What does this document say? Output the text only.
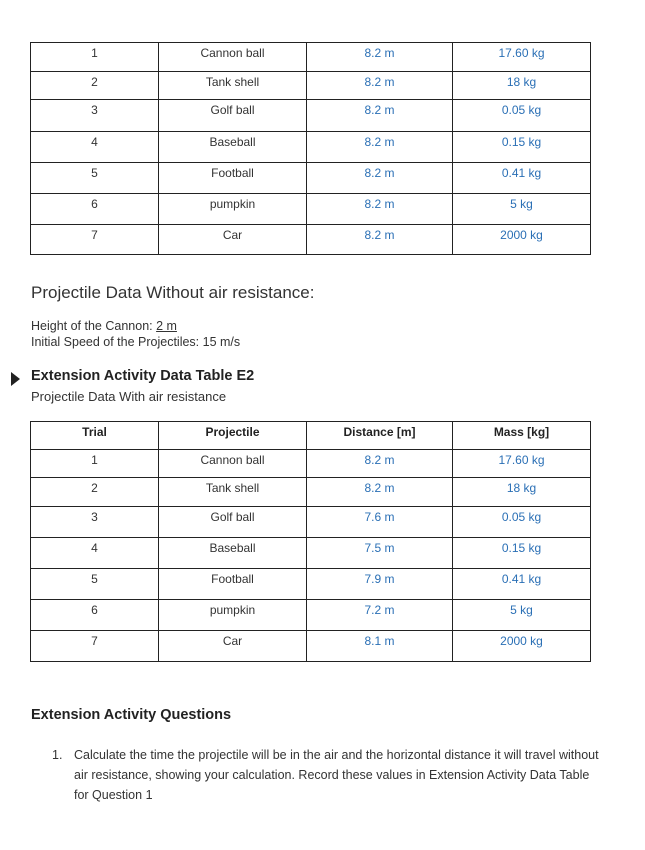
1	Cannon ball	8.2 m	17.60 kg
2	Tank shell	8.2 m	18 kg
3	Golf ball	8.2 m	0.05 kg
4	Baseball	8.2 m	0.15 kg
5	Football	8.2 m	0.41 kg
6	pumpkin	8.2 m	5 kg
7	Car	8.2 m	2000 kg
Projectile Data Without air resistance:
Height of the Cannon: 2 m
Initial Speed of the Projectiles: 15 m/s
Extension Activity Data Table E2
Projectile Data With air resistance
Trial	Projectile	Distance [m]	Mass [kg]
1	Cannon ball	8.2 m	17.60 kg
2	Tank shell	8.2 m	18 kg
3	Golf ball	7.6 m	0.05 kg
4	Baseball	7.5 m	0.15 kg
5	Football	7.9 m	0.41 kg
6	pumpkin	7.2 m	5 kg
7	Car	8.1 m	2000 kg
Extension Activity Questions
1. Calculate the time the projectile will be in the air and the horizontal distance it will travel without air resistance, showing your calculation. Record these values in Extension Activity Data Table for Question 1
